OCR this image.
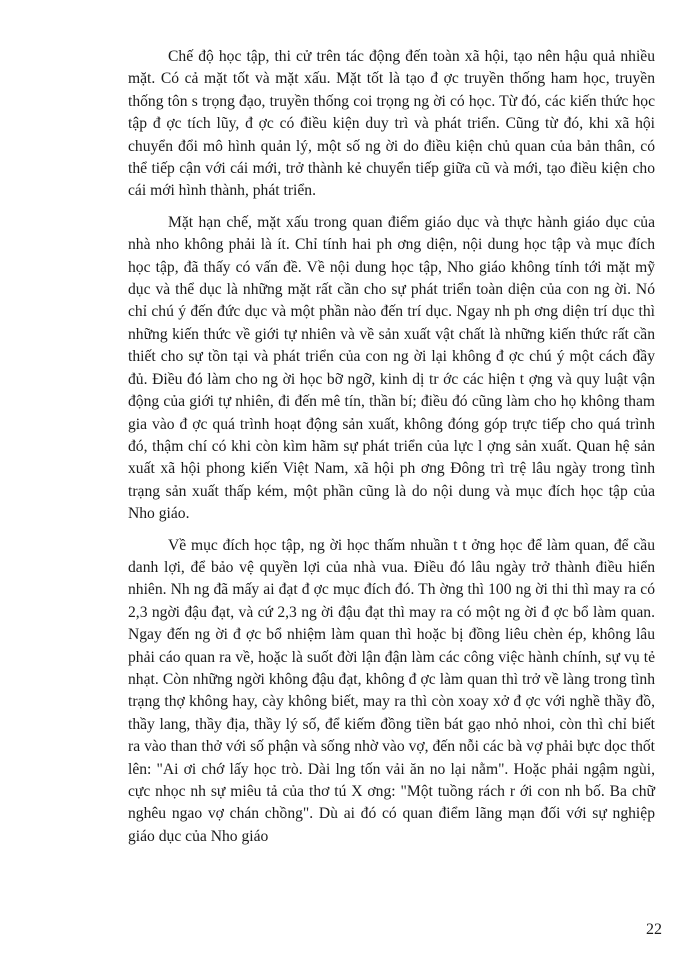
Chế độ học tập, thi cử trên tác động đến toàn xã hội, tạo nên hậu quả nhiều mặt. Có cả mặt tốt và mặt xấu. Mặt tốt là tạo đ ợc truyền thống ham học, truyền thống tôn s trọng đạo, truyền thống coi trọng ng ời có học. Từ đó, các kiến thức học tập đ ợc tích lũy, đ ợc có điều kiện duy trì và phát triển. Cũng từ đó, khi xã hội chuyển đổi mô hình quản lý, một số ng ời do điều kiện chủ quan của bản thân, có thể tiếp cận với cái mới, trở thành kẻ chuyển tiếp giữa cũ và mới, tạo điều kiện cho cái mới hình thành, phát triển.

Mặt hạn chế, mặt xấu trong quan điểm giáo dục và thực hành giáo dục của nhà nho không phải là ít. Chỉ tính hai ph ơng diện, nội dung học tập và mục đích học tập, đã thấy có vấn đề. Về nội dung học tập, Nho giáo không tính tới mặt mỹ dục và thể dục là những mặt rất cần cho sự phát triển toàn diện của con ng ời. Nó chỉ chú ý đến đức dục và một phần nào đến trí dục. Ngay nh ph ơng diện trí dục thì những kiến thức về giới tự nhiên và về sản xuất vật chất là những kiến thức rất cần thiết cho sự tồn tại và phát triển của con ng ời lại không đ ợc chú ý một cách đầy đủ. Điều đó làm cho ng ời học bỡ ngỡ, kinh dị tr ớc các hiện t ợng và quy luật vận động của giới tự nhiên, đi đến mê tín, thần bí; điều đó cũng làm cho họ không tham gia vào đ ợc quá trình hoạt động sản xuất, không đóng góp trực tiếp cho quá trình đó, thậm chí có khi còn kìm hãm sự phát triển của lực l ợng sản xuất. Quan hệ sản xuất xã hội phong kiến Việt Nam, xã hội ph ơng Đông trì trệ lâu ngày trong tình trạng sản xuất thấp kém, một phần cũng là do nội dung và mục đích học tập của Nho giáo.

Về mục đích học tập, ng ời học thấm nhuần t t ởng học để làm quan, để cầu danh lợi, để bảo vệ quyền lợi của nhà vua. Điều đó lâu ngày trở thành điều hiển nhiên. Nh ng đã mấy ai đạt đ ợc mục đích đó. Th ờng thì 100 ng ời thi thì may ra có 2,3 ngời đậu đạt, và cứ 2,3 ng ời đậu đạt thì may ra có một ng ời đ ợc bổ làm quan. Ngay đến ng ời đ ợc bổ nhiệm làm quan thì hoặc bị đồng liêu chèn ép, không lâu phải cáo quan ra về, hoặc là suốt đời lận đận làm các công việc hành chính, sự vụ tẻ nhạt. Còn những ngời không đậu đạt, không đ ợc làm quan thì trở về làng trong tình trạng thợ không hay, cày không biết, may ra thì còn xoay xở đ ợc với nghề thầy đồ, thầy lang, thầy địa, thầy lý số, để kiếm đồng tiền bát gạo nhỏ nhoi, còn thì chỉ biết ra vào than thở với số phận và sống nhờ vào vợ, đến nỗi các bà vợ phải bực dọc thốt lên: "Ai ơi chớ lấy học trò. Dài lng tốn vải ăn no lại nằm". Hoặc phải ngậm ngùi, cực nhọc nh sự miêu tả của thơ tú X ơng: "Một tuồng rách r ới con nh bố. Ba chữ nghêu ngao vợ chán chồng". Dù ai đó có quan điểm lãng mạn đối với sự nghiệp giáo dục của Nho giáo

22
